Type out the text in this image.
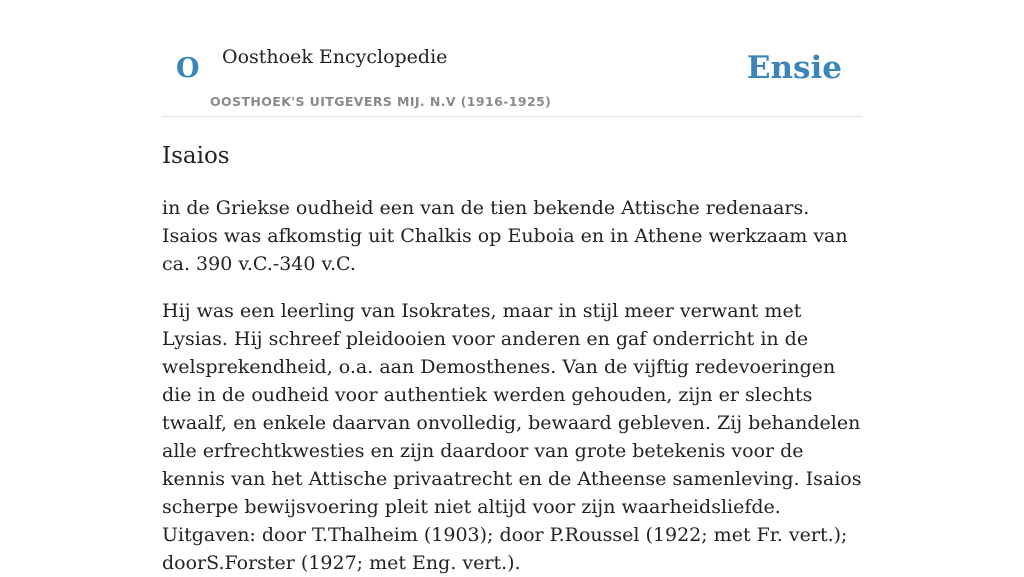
O Oosthoek Encyclopedie
OOSTHOEK'S UITGEVERS MIJ. N.V (1916-1925)
Ensie
Isaios

in de Griekse oudheid een van de tien bekende Attische redenaars. Isaios was afkomstig uit Chalkis op Euboia en in Athene werkzaam van ca. 390 v.C.-340 v.C.

Hij was een leerling van Isokrates, maar in stijl meer verwant met Lysias. Hij schreef pleidooien voor anderen en gaf onderricht in de welsprekendheid, o.a. aan Demosthenes. Van de vijftig redevoeringen die in de oudheid voor authentiek werden gehouden, zijn er slechts twaalf, en enkele daarvan onvolledig, bewaard gebleven. Zij behandelen alle erfrechtkwesties en zijn daardoor van grote betekenis voor de kennis van het Attische privaatrecht en de Atheense samenleving. Isaios scherpe bewijsvoering pleit niet altijd voor zijn waarheidsliefde. Uitgaven: door T.Thalheim (1903); door P.Roussel (1922; met Fr. vert.); doorS.Forster (1927; met Eng. vert.).
